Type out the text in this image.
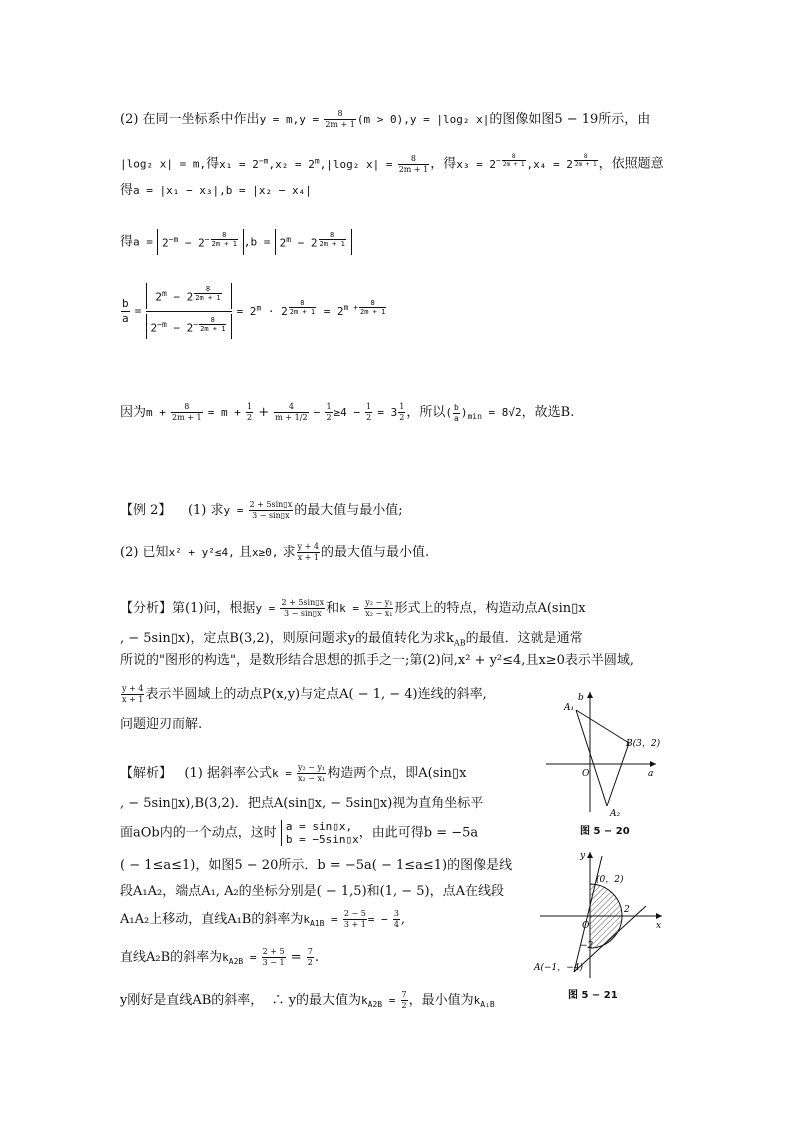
(2) 在同一坐标系中作出$y = m,y = \frac{8}{2m + 1} (m > 0),y = |\log_2$ x|的图像如图5 − 19所示，由
|log₂ x| = m,得$x_1 = 2^{-m},x_2 = 2^m,|\log_2$ $x| = \frac{8}{2m + 1}$ ，得$x_3 = 2^{- \frac{8}{2m + 1}}$ ,x₄ = 2 $^{\frac{8}{2m + 1}}$ ，依照题意
得a = |x₁ − x₃|,b = |x₂ − x₄|
得$a = 2^{-m} - 2^{- \frac{8}{2m + 1}}$ $,b = 2^m - 2$ $^{\frac{8}{2m + 1}}$
$\frac{b}{a} = 2^m - 2$ $^{\frac{8}{2m + 1}}$
$2^{-m} - 2^{- \frac{8}{2m + 1}} = 2^m \cdot 2$ $^{\frac{8}{2m + 1}} = 2^{m + \frac{8}{2m + 1}}$
因为$m + \frac{8}{2m + 1} = m + \frac{1}{2} + \frac{4}{m + 1/2} - \frac{1}{2} \ge 4 - \frac{1}{2} = 3 \frac{1}{2}$ ，所以( $\frac{b}{a} )_{min} = 8√2$，故选B.
【例 2】 (1) 求$y = \frac{2 + 5\sin▯x}{3 - \sin▯x}$ 的最大值与最小值;
(2) 已知x² + y²≤4, 且x≥0, 求 $\frac{y + 4}{x + 1}$ 的最大值与最小值.
【分析】第(1)问，根据$y = \frac{2 + 5\sin▯x}{3 - \sin▯x}$ 和$k = \frac{\text{y₂ − y₁}}{\text{x₂ − x₁}}$ 形式上的特点，构造动点A(sin▯x
, − 5sin▯x)，定点B(3,2)，则原问题求y的最值转化为求$k_{AB}$的最值．这就是通常
所说的"图形的构选"，是数形结合思想的抓手之一;第(2)问,x² + y²≤4,且x≥0表示半圆域,
$\frac{y + 4}{x + 1}$ 表示半圆域上的动点P(x,y)与定点A( − 1, − 4)连线的斜率,
问题迎刃而解.
【解析】 (1) 据斜率公式$k = \frac{\text{y₂ − y₁}}{\text{x₂ − x₁}}$ 构造两个点，即A(sin▯x
, − 5sin▯x),B(3,2)．把点A(sin▯x, − 5sin▯x)视为直角坐标平
面aOb内的一个动点，这时 a = sin▯x,
b = −5sin▯x ，由此可得b = −5a
( − 1≤a≤1)，如图5 − 20所示．b = −5a( − 1≤a≤1)的图像是线
段A₁A₂，端点A₁, A₂的坐标分别是( − 1,5)和(1, − 5)，点A在线段
A₁A₂上移动，直线A₁B的斜率为$k_{A1B} = \frac{2 - 5}{3 + 1}$ = − $\frac{3}{4}$ ,
直线A₂B的斜率为$k_{A2B} = \frac{2 + 5}{3 - 1} = \frac{7}{2}$ .
y刚好是直线AB的斜率， ∴ y的最大值为$k_{A2B} = \frac{7}{2}$ ，最小值为$k_{A_1B}$
b
a
O
A₁
A₂
B(3，2)
图 5 − 20
y
x
O
(0，2)
2
−2
A(−1，−4)
图 5 − 21
